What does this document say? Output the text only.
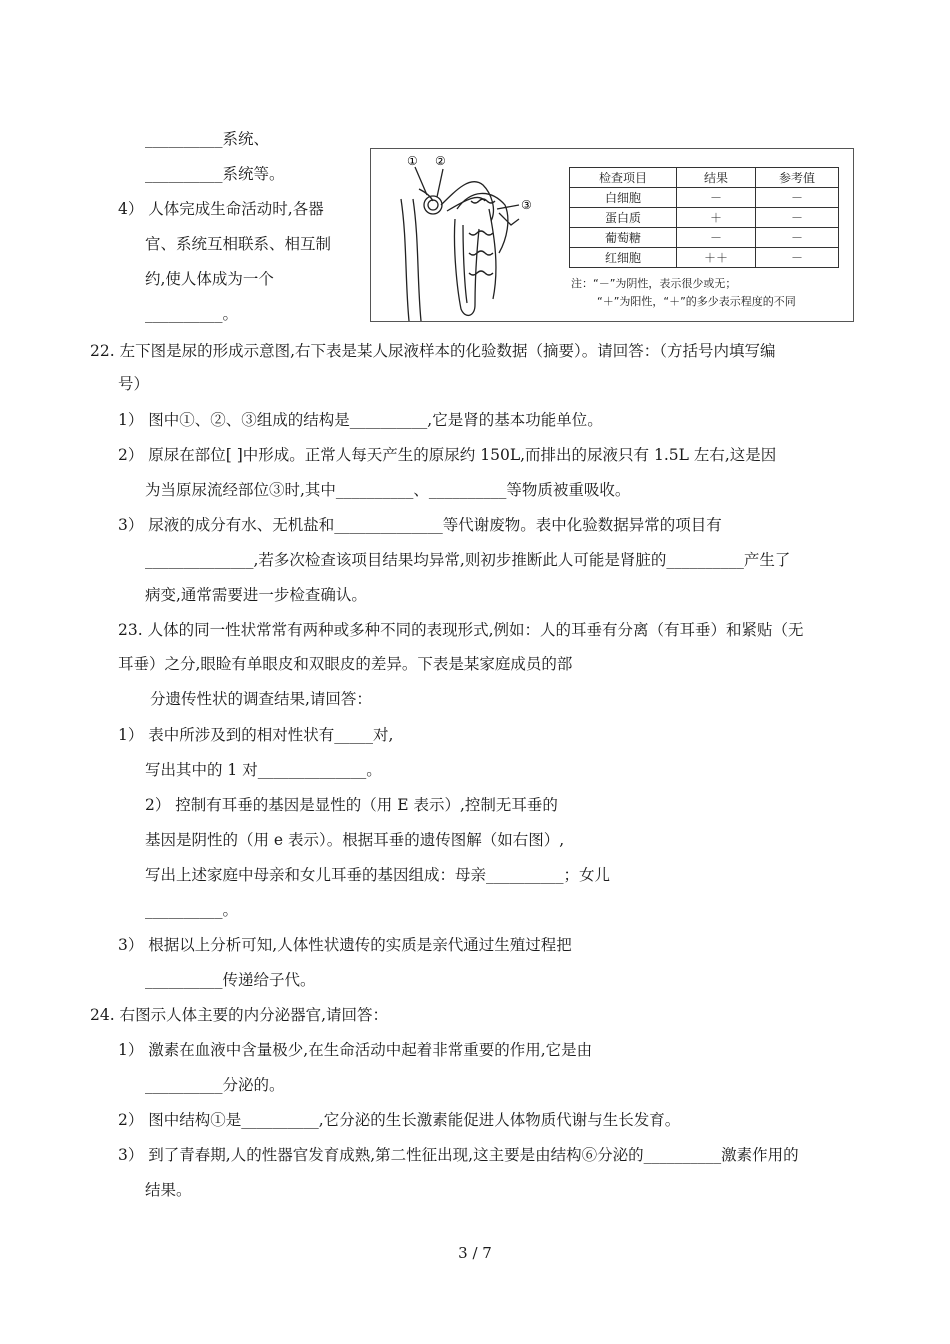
__________系统、
__________系统等。
4） 人体完成生命活动时,各器
官、系统互相联系、相互制
约,使人体成为一个
__________。
① ②
③
检查项目	结果	参考值
白细胞	－	－
蛋白质	＋	－
葡萄糖	－	－
红细胞	＋＋	－
注：“－”为阴性，表示很少或无；
“＋”为阳性，“＋”的多少表示程度的不同
22. 左下图是尿的形成示意图,右下表是某人尿液样本的化验数据（摘要）。请回答：（方括号内填写编
号）
1） 图中①、②、③组成的结构是__________,它是肾的基本功能单位。
2） 原尿在部位[ ]中形成。正常人每天产生的原尿约 150L,而排出的尿液只有 1.5L 左右,这是因
为当原尿流经部位③时,其中__________、__________等物质被重吸收。
3） 尿液的成分有水、无机盐和______________等代谢废物。表中化验数据异常的项目有
______________,若多次检查该项目结果均异常,则初步推断此人可能是肾脏的__________产生了
病变,通常需要进一步检查确认。
23. 人体的同一性状常常有两种或多种不同的表现形式,例如：人的耳垂有分离（有耳垂）和紧贴（无
耳垂）之分,眼睑有单眼皮和双眼皮的差异。下表是某家庭成员的部
分遗传性状的调查结果,请回答：
1） 表中所涉及到的相对性状有_____对,
写出其中的 1 对______________。
2） 控制有耳垂的基因是显性的（用 E 表示）,控制无耳垂的
基因是阴性的（用 e 表示）。根据耳垂的遗传图解（如右图）,
写出上述家庭中母亲和女儿耳垂的基因组成：母亲__________；女儿
__________。
3） 根据以上分析可知,人体性状遗传的实质是亲代通过生殖过程把
__________传递给子代。
24. 右图示人体主要的内分泌器官,请回答：
1） 激素在血液中含量极少,在生命活动中起着非常重要的作用,它是由
__________分泌的。
2） 图中结构①是__________,它分泌的生长激素能促进人体物质代谢与生长发育。
3） 到了青春期,人的性器官发育成熟,第二性征出现,这主要是由结构⑥分泌的__________激素作用的
结果。
3 / 7
